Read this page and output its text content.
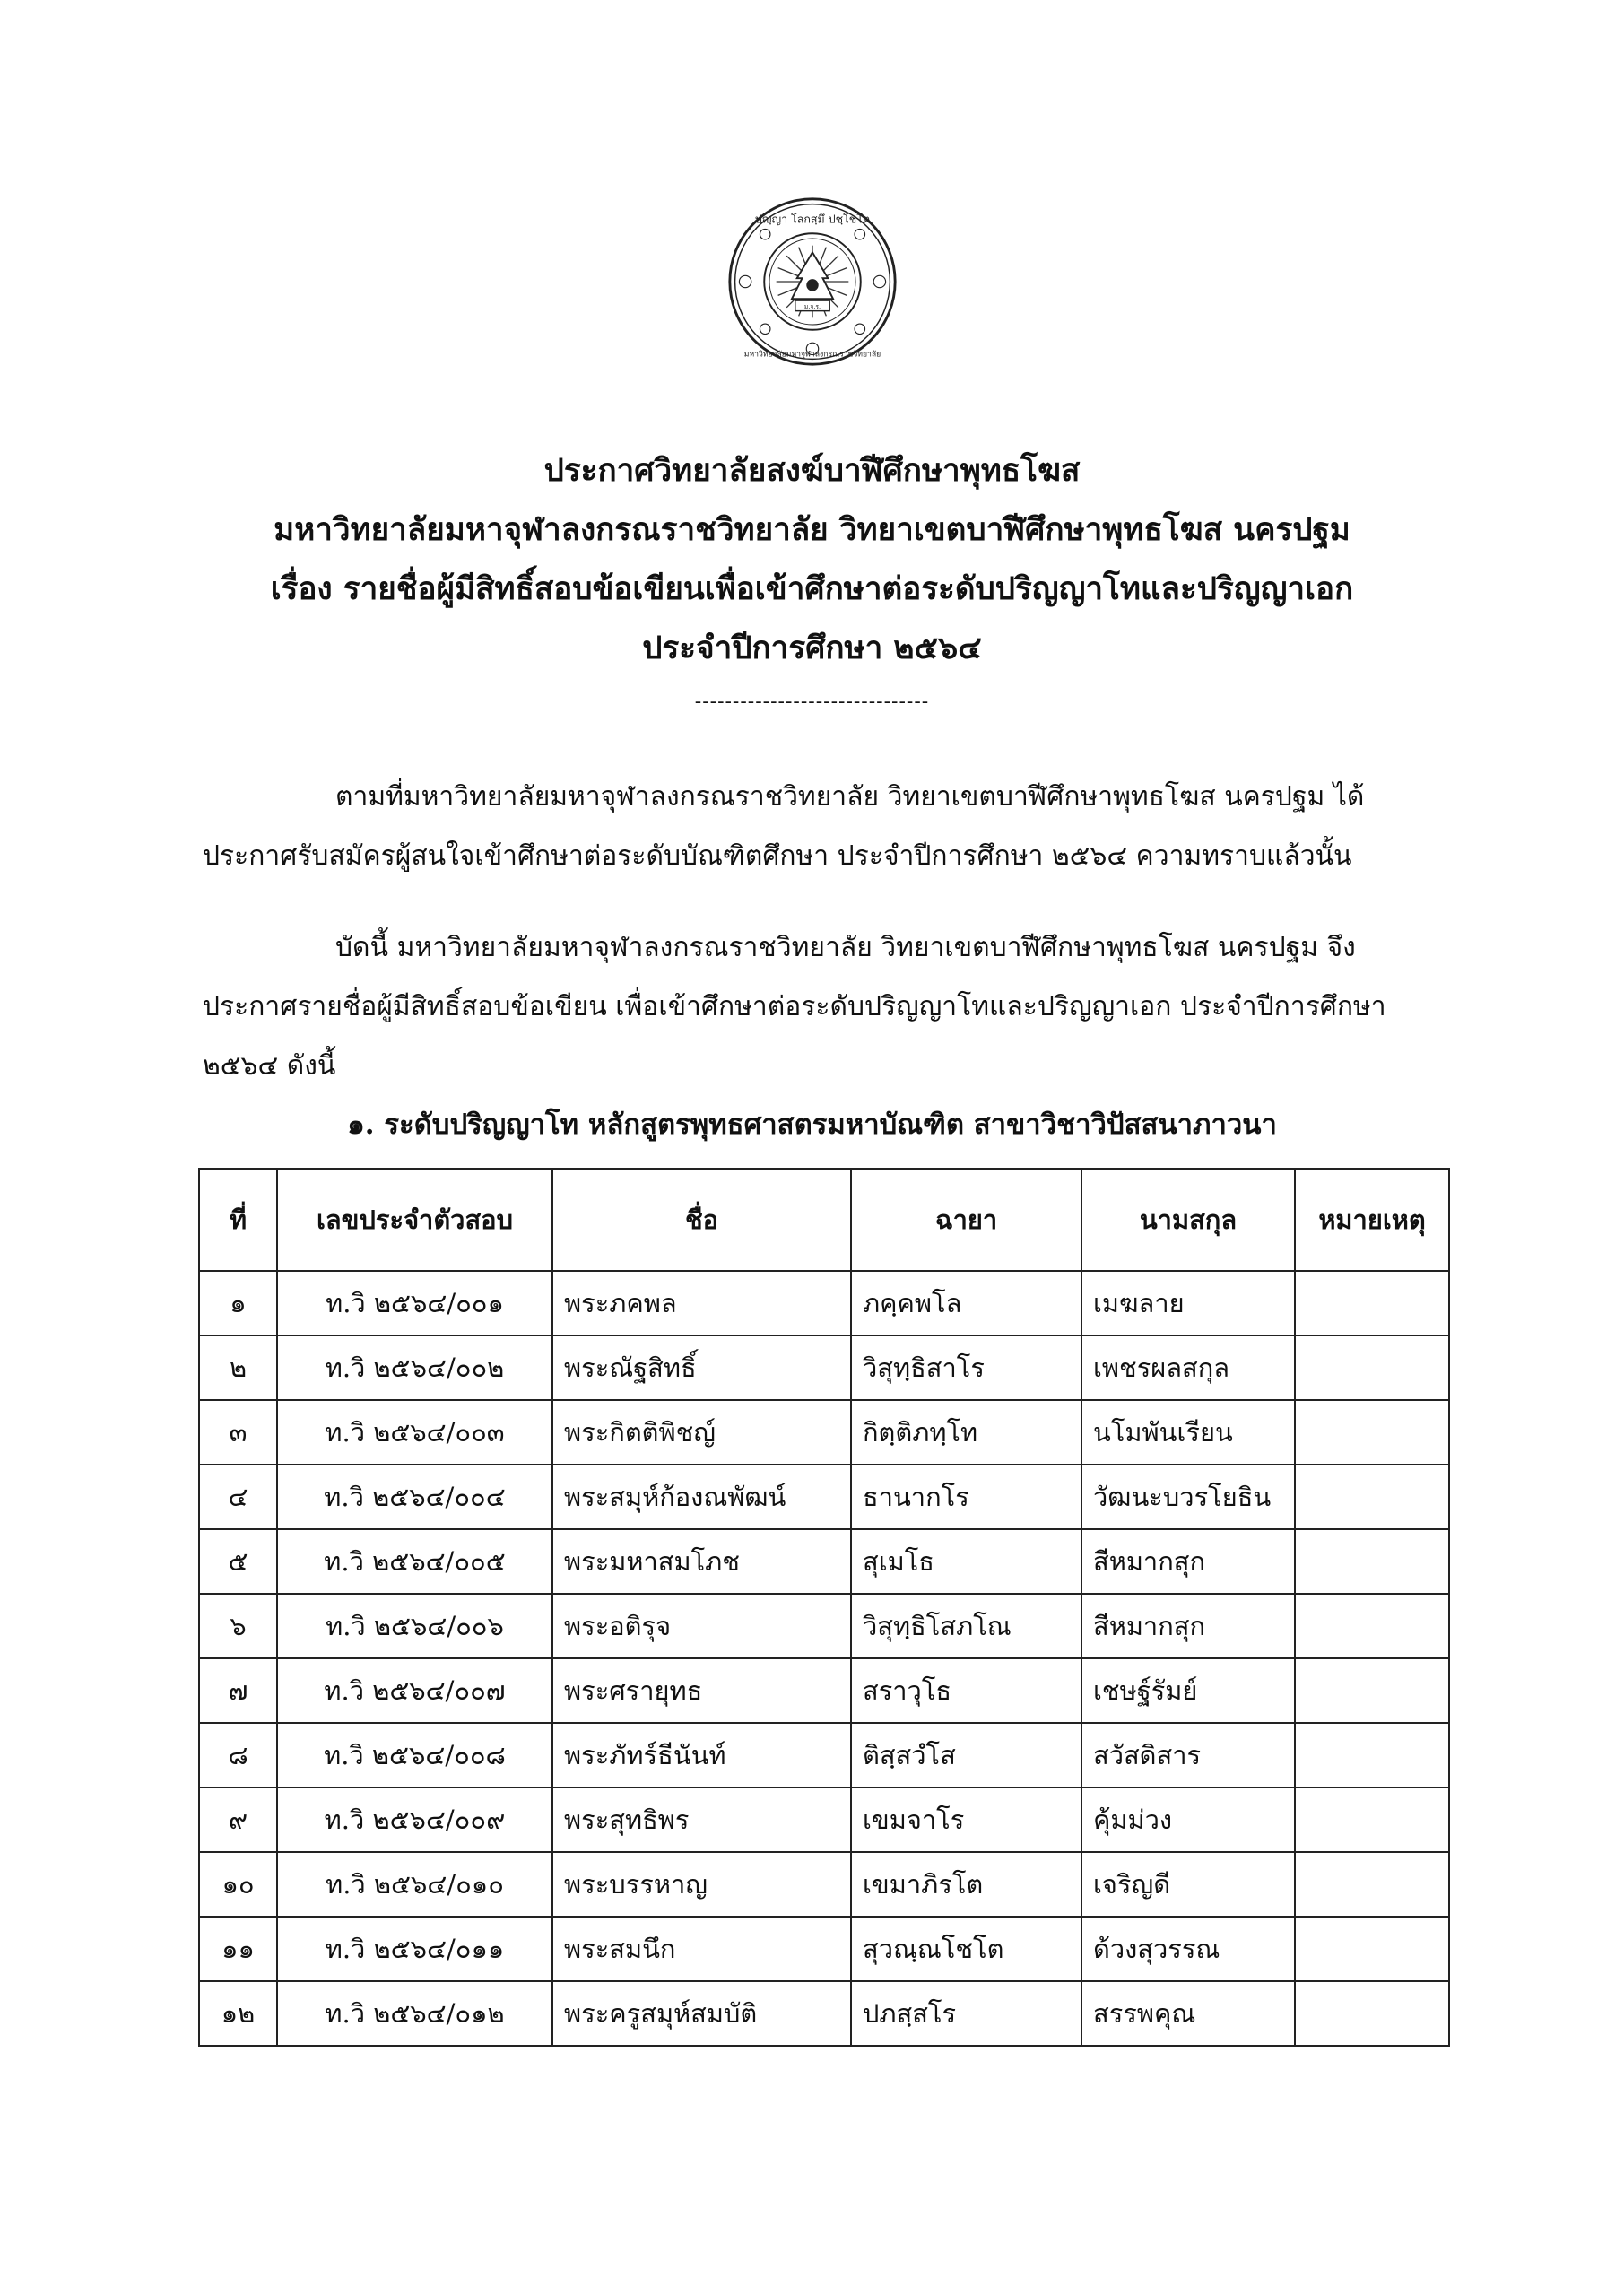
ปญฺญา โลกสฺมึ ปชฺโชโต
มหาวิทยาลัยมหาจุฬาลงกรณราชวิทยาลัย
ม.จ.ร.
ประกาศวิทยาลัยสงฆ์บาฬีศึกษาพุทธโฆส
มหาวิทยาลัยมหาจุฬาลงกรณราชวิทยาลัย วิทยาเขตบาฬีศึกษาพุทธโฆส นครปฐม
เรื่อง รายชื่อผู้มีสิทธิ์สอบข้อเขียนเพื่อเข้าศึกษาต่อระดับปริญญาโทและปริญญาเอก
ประจำปีการศึกษา ๒๕๖๔
-------------------------------

ตามที่มหาวิทยาลัยมหาจุฬาลงกรณราชวิทยาลัย วิทยาเขตบาฬีศึกษาพุทธโฆส นครปฐม ได้ประกาศรับสมัครผู้สนใจเข้าศึกษาต่อระดับบัณฑิตศึกษา ประจำปีการศึกษา ๒๕๖๔ ความทราบแล้วนั้น

บัดนี้ มหาวิทยาลัยมหาจุฬาลงกรณราชวิทยาลัย วิทยาเขตบาฬีศึกษาพุทธโฆส นครปฐม จึงประกาศรายชื่อผู้มีสิทธิ์สอบข้อเขียน เพื่อเข้าศึกษาต่อระดับปริญญาโทและปริญญาเอก ประจำปีการศึกษา ๒๕๖๔ ดังนี้

๑. ระดับปริญญาโท หลักสูตรพุทธศาสตรมหาบัณฑิต สาขาวิชาวิปัสสนาภาวนา
ที่	เลขประจำตัวสอบ	ชื่อ	ฉายา	นามสกุล	หมายเหตุ
๑	ท.วิ ๒๕๖๔/๐๐๑	พระภคพล	ภคฺคพโล	เมฆลาย	
๒	ท.วิ ๒๕๖๔/๐๐๒	พระณัฐสิทธิ์	วิสุทฺธิสาโร	เพชรผลสกุล	
๓	ท.วิ ๒๕๖๔/๐๐๓	พระกิตติพิชญ์	กิตฺติภทฺโท	นโมพันเรียน	
๔	ท.วิ ๒๕๖๔/๐๐๔	พระสมุห์ก้องณพัฒน์	ธานากโร	วัฒนะบวรโยธิน	
๕	ท.วิ ๒๕๖๔/๐๐๕	พระมหาสมโภช	สุเมโธ	สีหมากสุก	
๖	ท.วิ ๒๕๖๔/๐๐๖	พระอติรุจ	วิสุทฺธิโสภโณ	สีหมากสุก	
๗	ท.วิ ๒๕๖๔/๐๐๗	พระศรายุทธ	สราวุโธ	เชษฐ์รัมย์	
๘	ท.วิ ๒๕๖๔/๐๐๘	พระภัทร์ธีนันท์	ติสฺสวํโส	สวัสดิสาร	
๙	ท.วิ ๒๕๖๔/๐๐๙	พระสุทธิพร	เขมจาโร	คุ้มม่วง	
๑๐	ท.วิ ๒๕๖๔/๐๑๐	พระบรรหาญ	เขมาภิรโต	เจริญดี	
๑๑	ท.วิ ๒๕๖๔/๐๑๑	พระสมนึก	สุวณฺณโชโต	ด้วงสุวรรณ	
๑๒	ท.วิ ๒๕๖๔/๐๑๒	พระครูสมุห์สมบัติ	ปภสฺสโร	สรรพคุณ	
